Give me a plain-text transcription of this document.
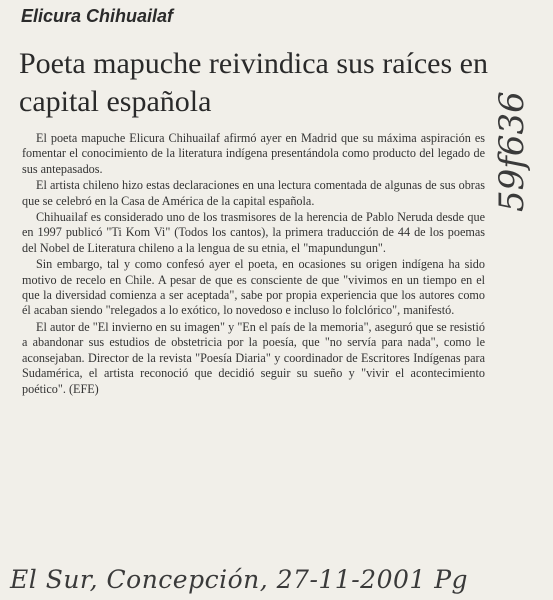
Elicura Chihuailaf
Poeta mapuche reivindica sus raíces en capital española

El poeta mapuche Elicura Chihuailaf afirmó ayer en Madrid que su máxima aspiración es fomentar el conocimiento de la literatura indígena presentándola como producto del legado de sus antepasados.

El artista chileno hizo estas declaraciones en una lectura comentada de algunas de sus obras que se celebró en la Casa de América de la capital española.

Chihuailaf es considerado uno de los trasmisores de la herencia de Pablo Neruda desde que en 1997 publicó "Ti Kom Vi" (Todos los cantos), la primera traducción de 44 de los poemas del Nobel de Literatura chileno a la lengua de su etnia, el "mapundungun".

Sin embargo, tal y como confesó ayer el poeta, en ocasiones su origen indígena ha sido motivo de recelo en Chile. A pesar de que es consciente de que "vivimos en un tiempo en el que la diversidad comienza a ser aceptada", sabe por propia experiencia que los autores como él acaban siendo "relegados a lo exótico, lo novedoso e incluso lo folclórico", manifestó.

El autor de "El invierno en su imagen" y "En el país de la memoria", aseguró que se resistió a abandonar sus estudios de obstetricia por la poesía, que "no servía para nada", como le aconsejaban. Director de la revista "Poesía Diaria" y coordinador de Escritores Indígenas para Sudamérica, el artista reconoció que decidió seguir su sueño y "vivir el acontecimiento poético". (EFE)

59f636
El Sur, Concepción, 27-11-2001 Pg
